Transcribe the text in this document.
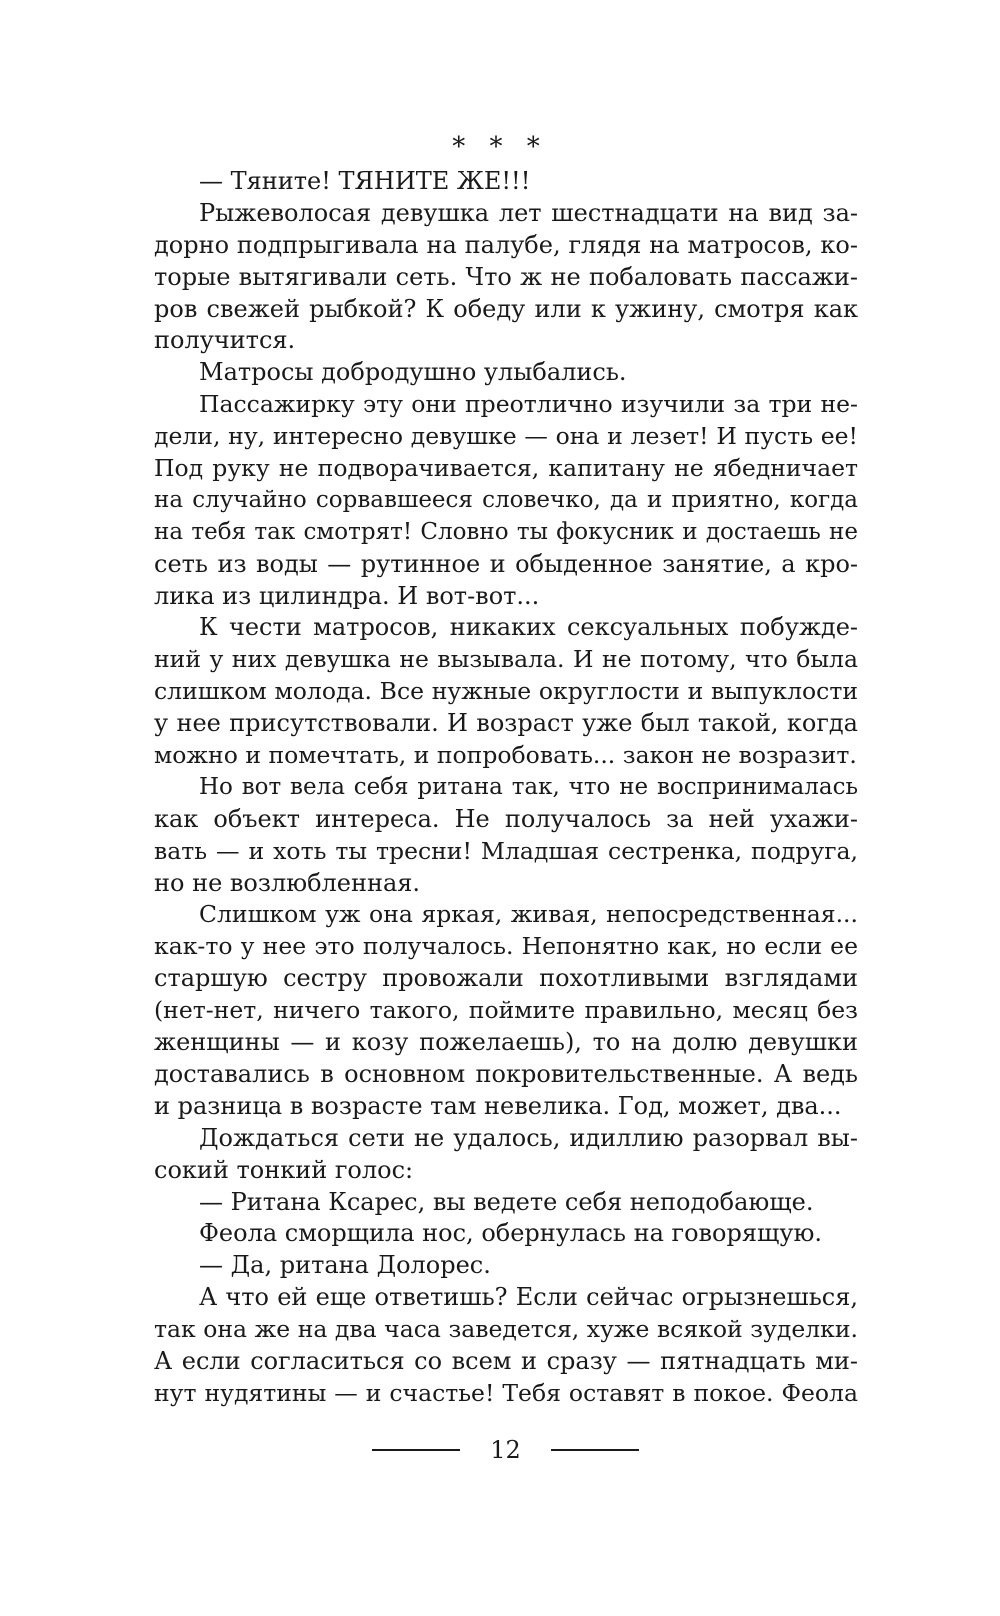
* * *
— Тяните! ТЯНИТЕ ЖЕ!!!
Рыжеволосая девушка лет шестнадцати на вид за-
дорно подпрыгивала на палубе, глядя на матросов, ко-
торые вытягивали сеть. Что ж не побаловать пассажи-
ров свежей рыбкой? К обеду или к ужину, смотря как
получится.
Матросы добродушно улыбались.
Пассажирку эту они преотлично изучили за три не-
дели, ну, интересно девушке — она и лезет! И пусть ее!
Под руку не подворачивается, капитану не ябедничает
на случайно сорвавшееся словечко, да и приятно, когда
на тебя так смотрят! Словно ты фокусник и достаешь не
сеть из воды — рутинное и обыденное занятие, а кро-
лика из цилиндра. И вот-вот...
К чести матросов, никаких сексуальных побужде-
ний у них девушка не вызывала. И не потому, что была
слишком молода. Все нужные округлости и выпуклости
у нее присутствовали. И возраст уже был такой, когда
можно и помечтать, и попробовать... закон не возразит.
Но вот вела себя ритана так, что не воспринималась
как объект интереса. Не получалось за ней ухажи-
вать — и хоть ты тресни! Младшая сестренка, подруга,
но не возлюбленная.
Слишком уж она яркая, живая, непосредственная...
как-то у нее это получалось. Непонятно как, но если ее
старшую сестру провожали похотливыми взглядами
(нет-нет, ничего такого, поймите правильно, месяц без
женщины — и козу пожелаешь), то на долю девушки
доставались в основном покровительственные. А ведь
и разница в возрасте там невелика. Год, может, два...
Дождаться сети не удалось, идиллию разорвал вы-
сокий тонкий голос:
— Ритана Ксарес, вы ведете себя неподобающе.
Феола сморщила нос, обернулась на говорящую.
— Да, ритана Долорес.
А что ей еще ответишь? Если сейчас огрызнешься,
так она же на два часа заведется, хуже всякой зуделки.
А если согласиться со всем и сразу — пятнадцать ми-
нут нудятины — и счастье! Тебя оставят в покое. Феола
12
